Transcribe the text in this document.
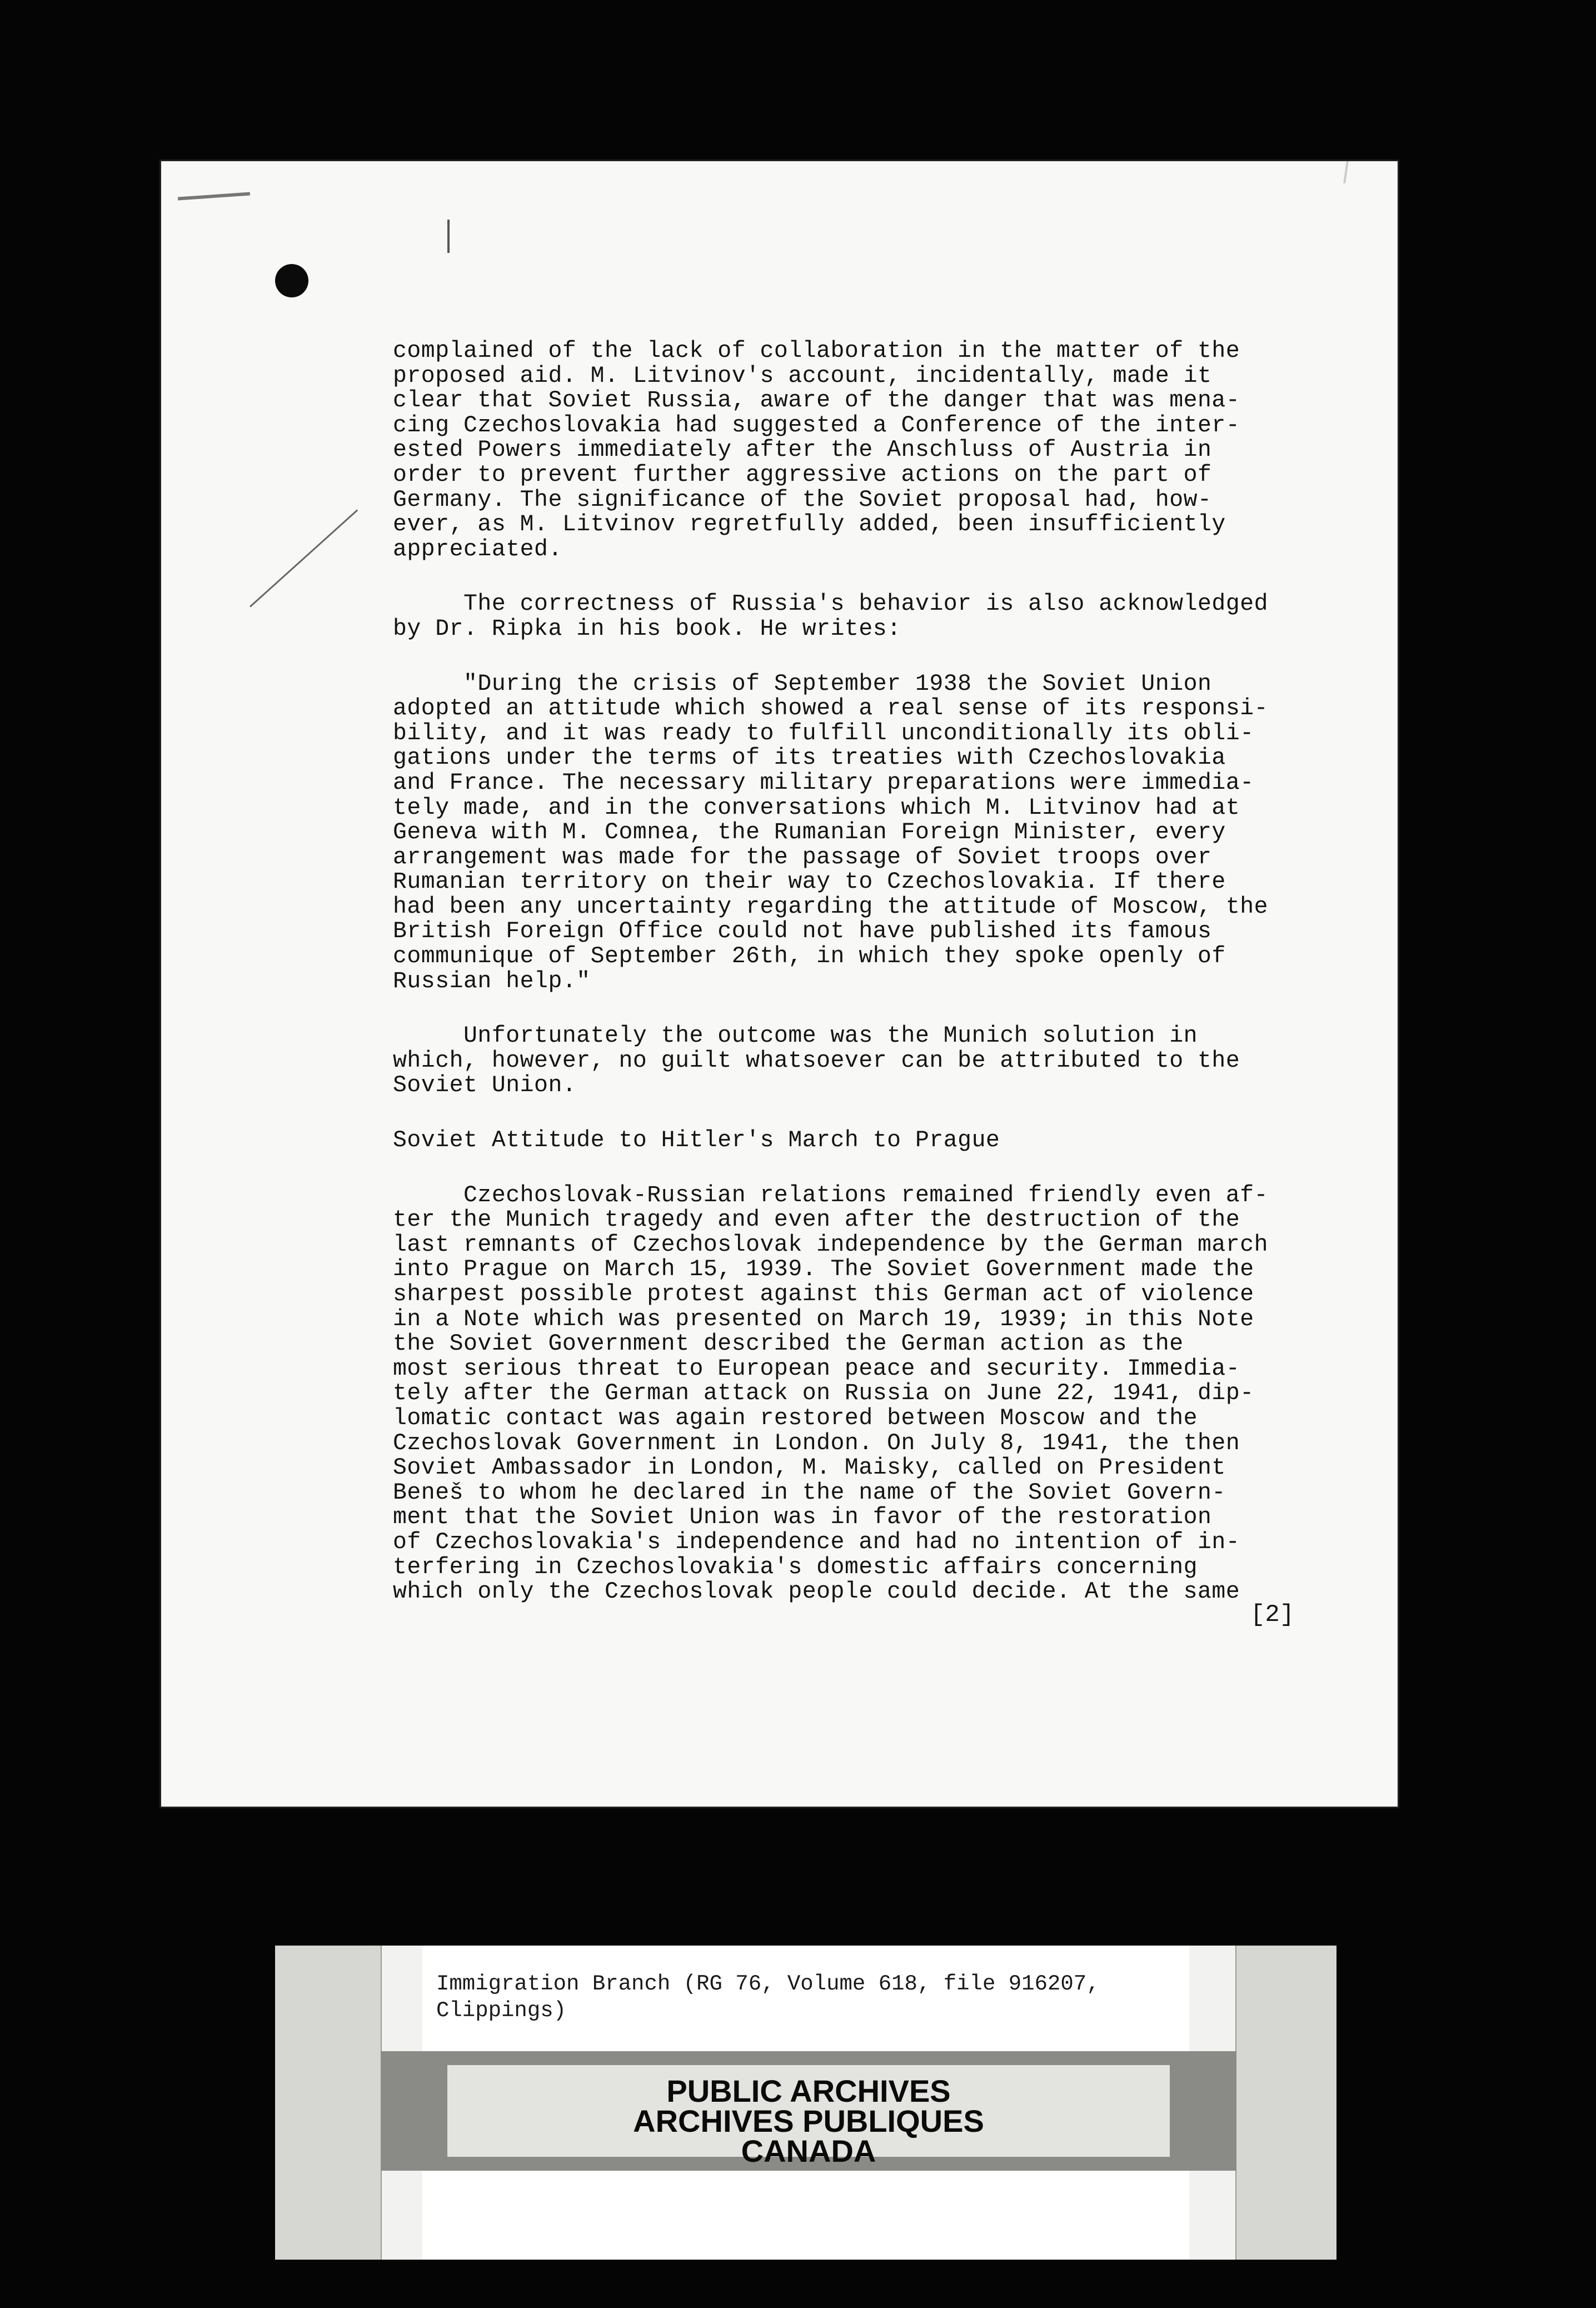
complained of the lack of collaboration in the matter of the
proposed aid. M. Litvinov's account, incidentally, made it
clear that Soviet Russia, aware of the danger that was mena-
cing Czechoslovakia had suggested a Conference of the inter-
ested Powers immediately after the Anschluss of Austria in
order to prevent further aggressive actions on the part of
Germany. The significance of the Soviet proposal had, how-
ever, as M. Litvinov regretfully added, been insufficiently
appreciated.
The correctness of Russia's behavior is also acknowledged
by Dr. Ripka in his book. He writes:
"During the crisis of September 1938 the Soviet Union
adopted an attitude which showed a real sense of its responsi-
bility, and it was ready to fulfill unconditionally its obli-
gations under the terms of its treaties with Czechoslovakia
and France. The necessary military preparations were immedia-
tely made, and in the conversations which M. Litvinov had at
Geneva with M. Comnea, the Rumanian Foreign Minister, every
arrangement was made for the passage of Soviet troops over
Rumanian territory on their way to Czechoslovakia. If there
had been any uncertainty regarding the attitude of Moscow, the
British Foreign Office could not have published its famous
communique of September 26th, in which they spoke openly of
Russian help."
Unfortunately the outcome was the Munich solution in
which, however, no guilt whatsoever can be attributed to the
Soviet Union.
Soviet Attitude to Hitler's March to Prague
Czechoslovak-Russian relations remained friendly even af-
ter the Munich tragedy and even after the destruction of the
last remnants of Czechoslovak independence by the German march
into Prague on March 15, 1939. The Soviet Government made the
sharpest possible protest against this German act of violence
in a Note which was presented on March 19, 1939; in this Note
the Soviet Government described the German action as the
most serious threat to European peace and security. Immedia-
tely after the German attack on Russia on June 22, 1941, dip-
lomatic contact was again restored between Moscow and the
Czechoslovak Government in London. On July 8, 1941, the then
Soviet Ambassador in London, M. Maisky, called on President
Beneš to whom he declared in the name of the Soviet Govern-
ment that the Soviet Union was in favor of the restoration
of Czechoslovakia's independence and had no intention of in-
terfering in Czechoslovakia's domestic affairs concerning
which only the Czechoslovak people could decide. At the same
[2]
Immigration Branch (RG 76, Volume 618, file 916207,
Clippings)
PUBLIC ARCHIVES
ARCHIVES PUBLIQUES
CANADA
